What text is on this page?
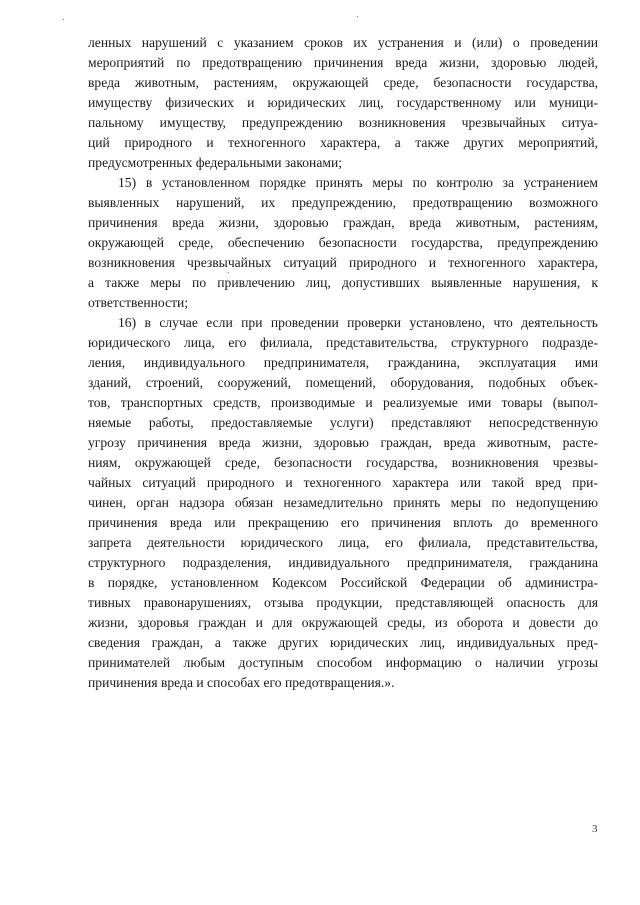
ленных нарушений с указанием сроков их устранения и (или) о проведении
мероприятий по предотвращению причинения вреда жизни, здоровью людей,
вреда животным, растениям, окружающей среде, безопасности государства,
имуществу физических и юридических лиц, государственному или муници-
пальному имуществу, предупреждению возникновения чрезвычайных ситуа-
ций природного и техногенного характера, а также других мероприятий,
предусмотренных федеральными законами;
15) в установленном порядке принять меры по контролю за устранением
выявленных нарушений, их предупреждению, предотвращению возможного
причинения вреда жизни, здоровью граждан, вреда животным, растениям,
окружающей среде, обеспечению безопасности государства, предупреждению
возникновения чрезвычайных ситуаций природного и техногенного характера,
а также меры по привлечению лиц, допустивших выявленные нарушения, к
ответственности;
16) в случае если при проведении проверки установлено, что деятельность
юридического лица, его филиала, представительства, структурного подразде-
ления, индивидуального предпринимателя, гражданина, эксплуатация ими
зданий, строений, сооружений, помещений, оборудования, подобных объек-
тов, транспортных средств, производимые и реализуемые ими товары (выпол-
няемые работы, предоставляемые услуги) представляют непосредственную
угрозу причинения вреда жизни, здоровью граждан, вреда животным, расте-
ниям, окружающей среде, безопасности государства, возникновения чрезвы-
чайных ситуаций природного и техногенного характера или такой вред при-
чинен, орган надзора обязан незамедлительно принять меры по недопущению
причинения вреда или прекращению его причинения вплоть до временного
запрета деятельности юридического лица, его филиала, представительства,
структурного подразделения, индивидуального предпринимателя, гражданина
в порядке, установленном Кодексом Российской Федерации об администра-
тивных правонарушениях, отзыва продукции, представляющей опасность для
жизни, здоровья граждан и для окружающей среды, из оборота и довести до
сведения граждан, а также других юридических лиц, индивидуальных пред-
принимателей любым доступным способом информацию о наличии угрозы
причинения вреда и способах его предотвращения.».
3
